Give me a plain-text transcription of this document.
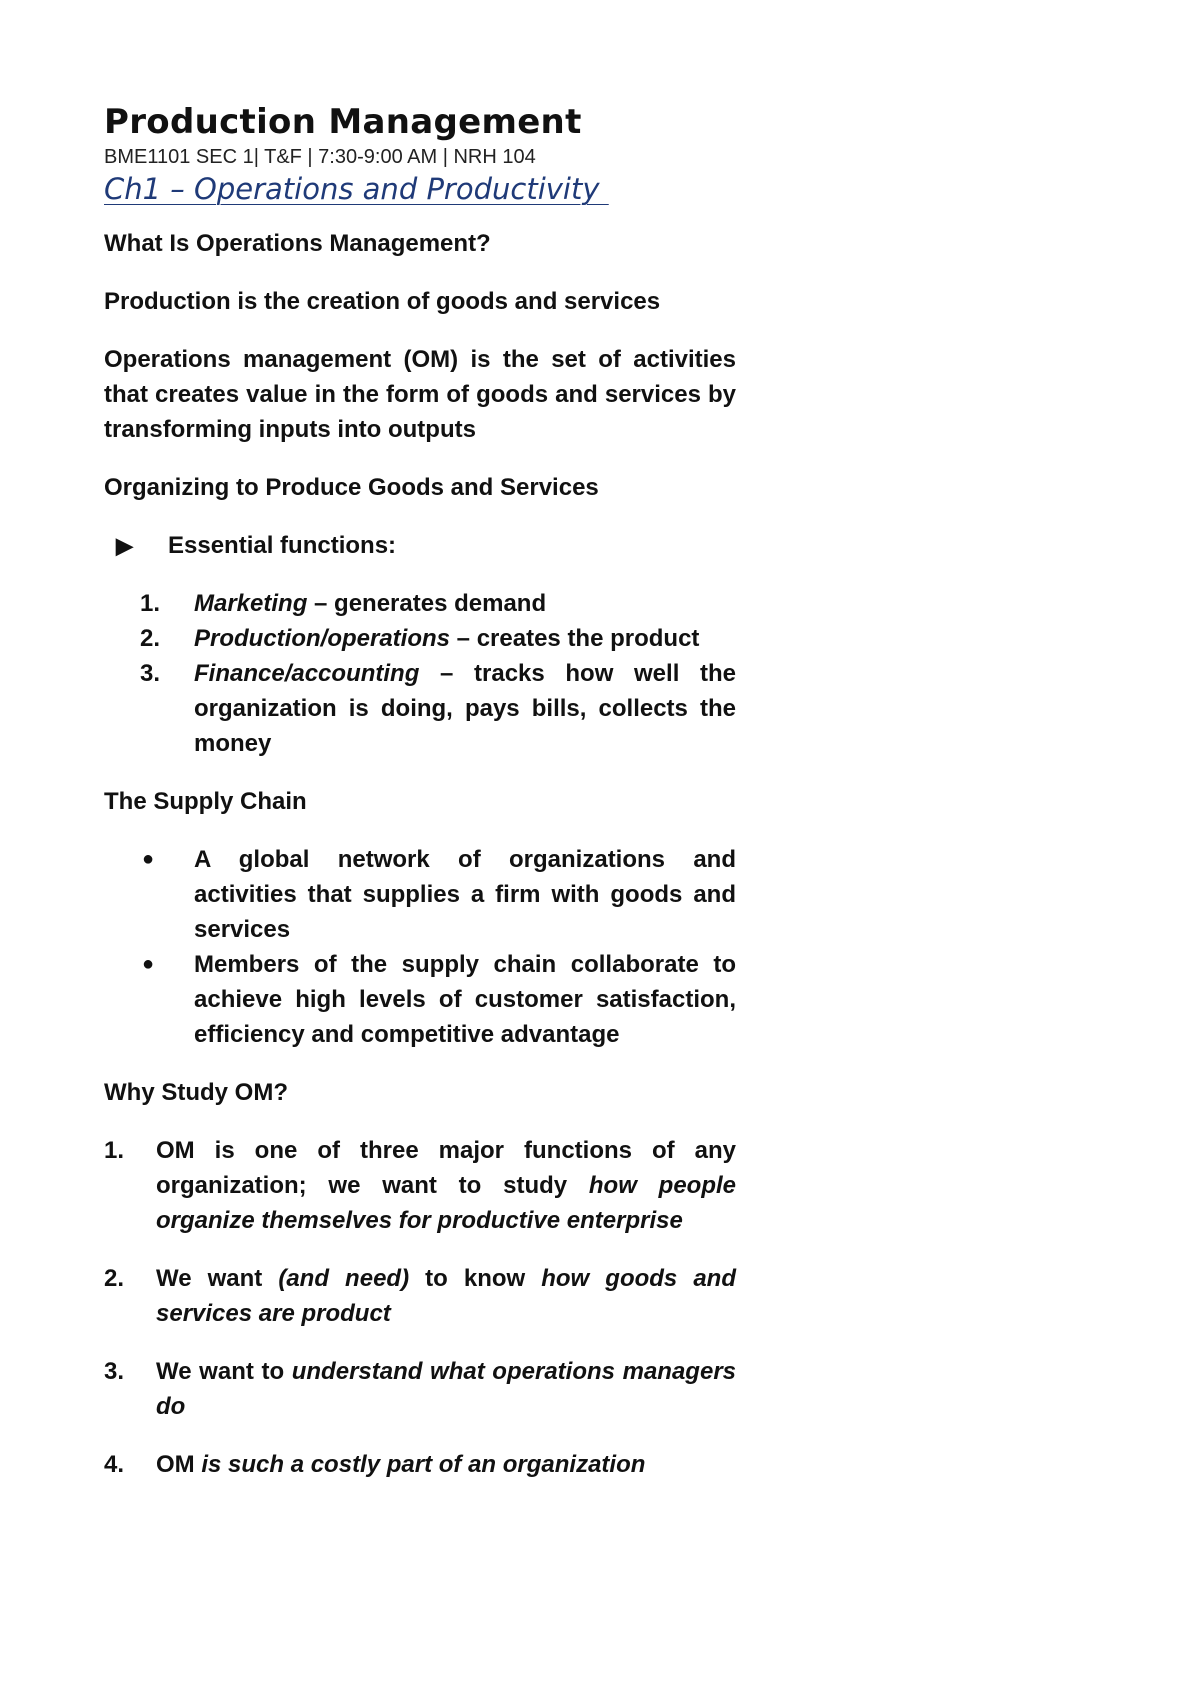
Production Management

BME1101 SEC 1| T&F | 7:30-9:00 AM | NRH 104

Ch1 – Operations and Productivity

What Is Operations Management?

Production is the creation of goods and services

Operations management (OM) is the set of activities that creates value in the form of goods and services by transforming inputs into outputs

Organizing to Produce Goods and Services

▶	Essential functions:
1.	Marketing – generates demand
2.	Production/operations – creates the product
3.	Finance/accounting – tracks how well the organization is doing, pays bills, collects the money

The Supply Chain

●	A global network of organizations and activities that supplies a firm with goods and services
●	Members of the supply chain collaborate to achieve high levels of customer satisfaction, efficiency and competitive advantage

Why Study OM?

1.	OM is one of three major functions of any organization; we want to study how people organize themselves for productive enterprise
2.	We want (and need) to know how goods and services are product
3.	We want to understand what operations managers do
4.	OM is such a costly part of an organization
